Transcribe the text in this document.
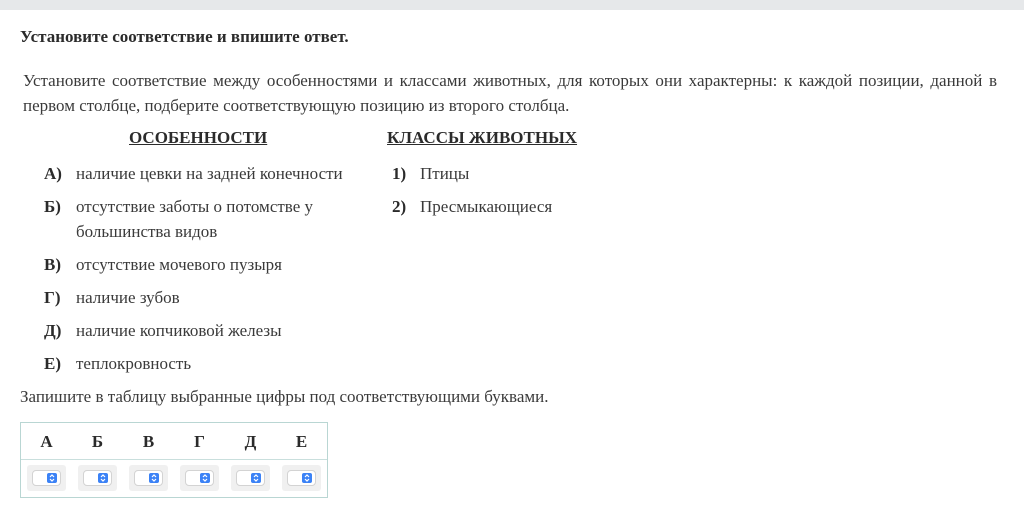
Установите соответствие и впишите ответ.
Установите соответствие между особенностями и классами животных, для которых они характерны: к каждой позиции, данной в первом столбце, подберите соответствующую позицию из второго столбца.
ОСОБЕННОСТИ	КЛАССЫ ЖИВОТНЫХ
А) наличие цевки на задней конечности
Б) отсутствие заботы о потомстве у большинства видов
В) отсутствие мочевого пузыря
Г) наличие зубов
Д) наличие копчиковой железы
Е) теплокровность
1) Птицы
2) Пресмыкающиеся
Запишите в таблицу выбранные цифры под соответствующими буквами.
А	Б	В	Г	Д	Е
